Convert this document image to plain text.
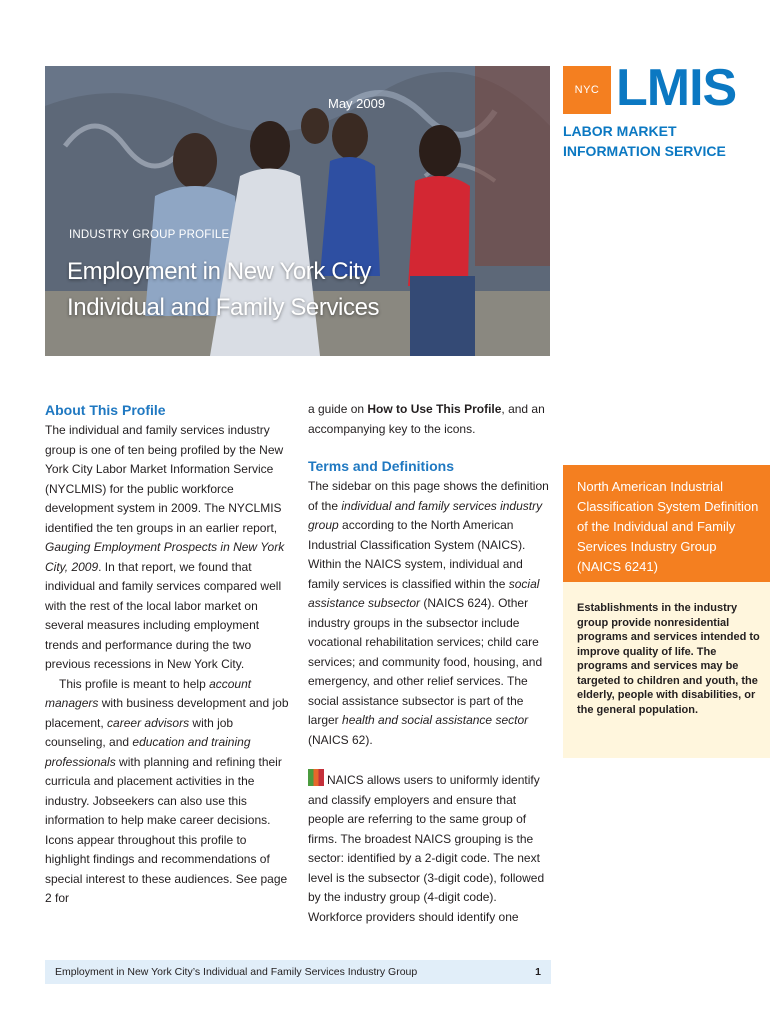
May 2009
INDUSTRY GROUP PROFILE
Employment in New York City
Individual and Family Services
NYC LMIS
LABOR MARKET
INFORMATION SERVICE
About This Profile

The individual and family services industry group is one of ten being profiled by the New York City Labor Market Information Service (NYCLMIS) for the public workforce development system in 2009. The NYCLMIS identified the ten groups in an earlier report, Gauging Employment Prospects in New York City, 2009. In that report, we found that individual and family services compared well with the rest of the local labor market on several measures including employment trends and performance during the two previous recessions in New York City.

This profile is meant to help account managers with business development and job placement, career advisors with job counseling, and education and training professionals with planning and refining their curricula and placement activities in the industry. Jobseekers can also use this information to help make career decisions. Icons appear throughout this profile to highlight findings and recommendations of special interest to these audiences. See page 2 for

a guide on How to Use This Profile, and an accompanying key to the icons.

Terms and Definitions

The sidebar on this page shows the definition of the individual and family services industry group according to the North American Industrial Classification System (NAICS). Within the NAICS system, individual and family services is classified within the social assistance subsector (NAICS 624). Other industry groups in the subsector include vocational rehabilitation services; child care services; and community food, housing, and emergency, and other relief services. The social assistance subsector is part of the larger health and social assistance sector (NAICS 62).

NAICS allows users to uniformly identify and classify employers and ensure that people are referring to the same group of firms. The broadest NAICS grouping is the sector: identified by a 2-digit code. The next level is the subsector (3-digit code), followed by the industry group (4-digit code). Workforce providers should identify one

North American Industrial Classification System Definition of the Individual and Family Services Industry Group (NAICS 6241)
Establishments in the industry group provide nonresidential programs and services intended to improve quality of life. The programs and services may be targeted to children and youth, the elderly, people with disabilities, or the general population.
Employment in New York City’s Individual and Family Services Industry Group	1
